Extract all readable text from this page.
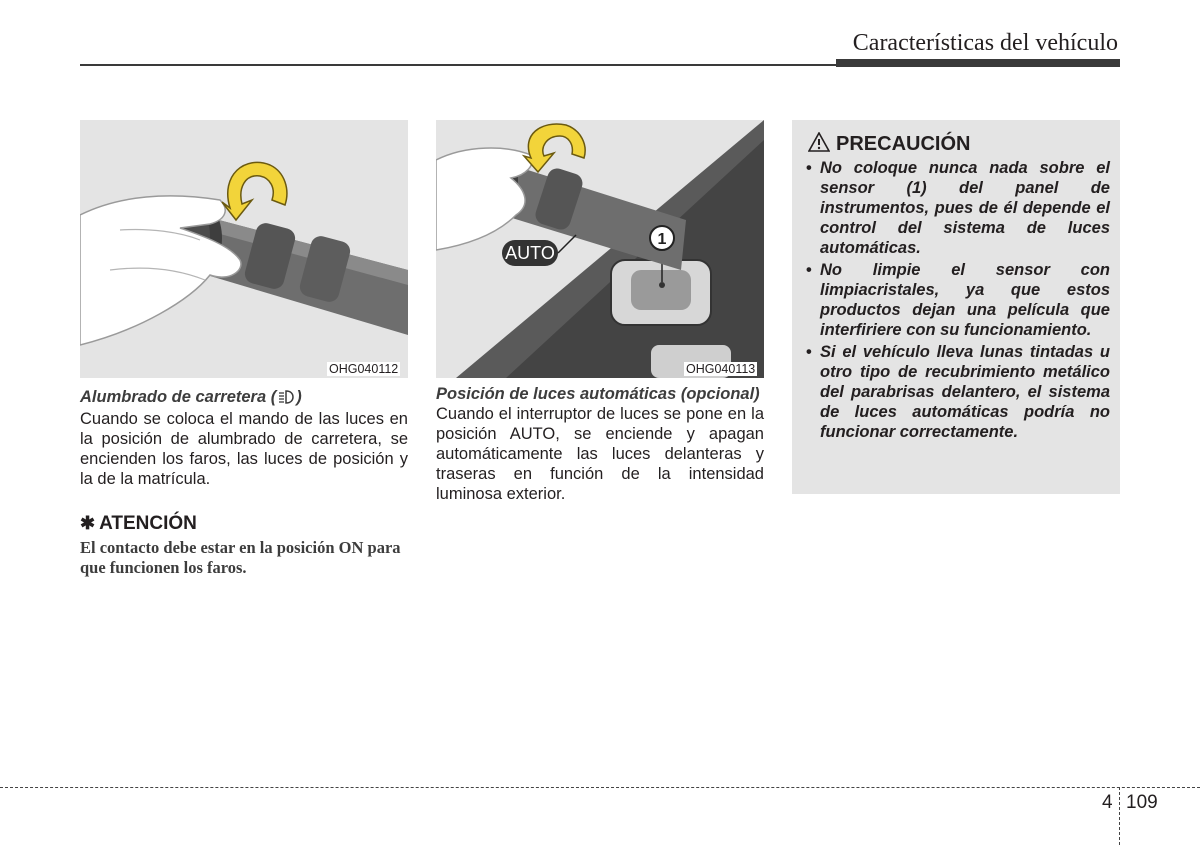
Características del vehículo
OHG040112
AUTO
1
OHG040113
Alumbrado de carretera ( )

Cuando se coloca el mando de las luces en la posición de alumbrado de carretera, se encienden los faros, las luces de posición y la de la matrícula.

✱ ATENCIÓN
El contacto debe estar en la posición ON para que funcionen los faros.
Posición de luces automáticas (opcional)

Cuando el interruptor de luces se pone en la posición AUTO, se enciende y apagan automáticamente las luces delanteras y traseras en función de la intensidad luminosa exterior.

PRECAUCIÓN
• No coloque nunca nada sobre el sensor (1) del panel de instrumentos, pues de él depende el control del sistema de luces automáticas.
• No limpie el sensor con limpiacristales, ya que estos productos dejan una película que interfiriere con su funcionamiento.
• Si el vehículo lleva lunas tintadas u otro tipo de recubrimiento metálico del parabrisas delantero, el sistema de luces automáticas podría no funcionar correctamente.
4 109
